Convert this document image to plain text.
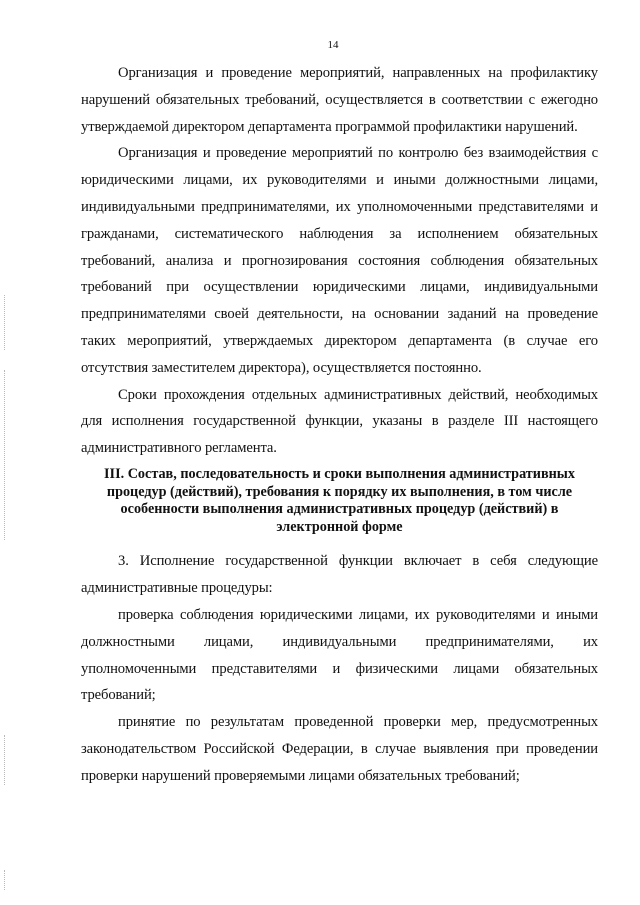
14

Организация и проведение мероприятий, направленных на профилактику нарушений обязательных требований, осуществляется в соответствии с ежегодно утверждаемой директором департамента программой профилактики нарушений.

Организация и проведение мероприятий по контролю без взаимодействия с юридическими лицами, их руководителями и иными должностными лицами, индивидуальными предпринимателями, их уполномоченными представителями и гражданами, систематического наблюдения за исполнением обязательных требований, анализа и прогнозирования состояния соблюдения обязательных требований при осуществлении юридическими лицами, индивидуальными предпринимателями своей деятельности, на основании заданий на проведение таких мероприятий, утверждаемых директором департамента (в случае его отсутствия заместителем директора), осуществляется постоянно.

Сроки прохождения отдельных административных действий, необходимых для исполнения государственной функции, указаны в разделе III настоящего административного регламента.

III. Состав, последовательность и сроки выполнения административных процедур (действий), требования к порядку их выполнения, в том числе особенности выполнения административных процедур (действий) в электронной форме

3. Исполнение государственной функции включает в себя следующие административные процедуры:

проверка соблюдения юридическими лицами, их руководителями и иными должностными лицами, индивидуальными предпринимателями, их уполномоченными представителями и физическими лицами обязательных требований;

принятие по результатам проведенной проверки мер, предусмотренных законодательством Российской Федерации, в случае выявления при проведении проверки нарушений проверяемыми лицами обязательных требований;
